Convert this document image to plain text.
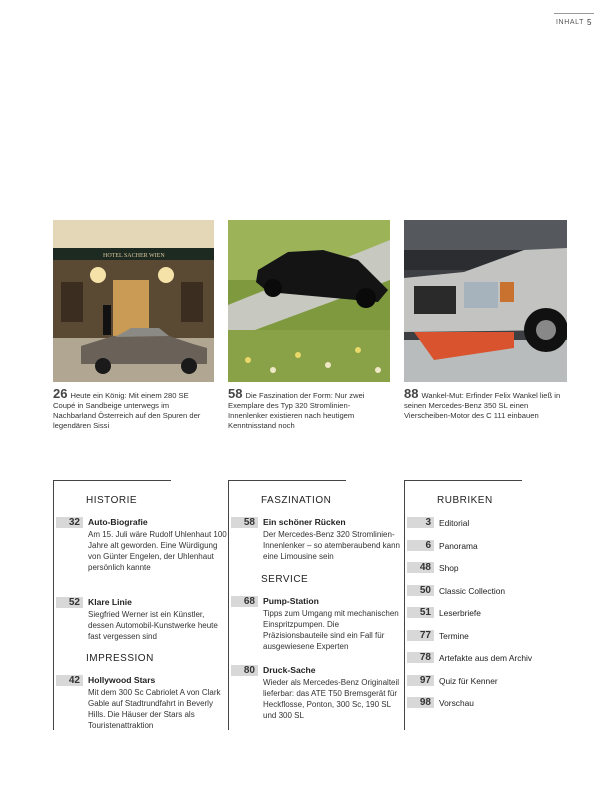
INHALT 5
HOTEL SACHER WIEN
26 Heute ein König: Mit einem 280 SE Coupé in Sandbeige unterwegs im Nachbarland Österreich auf den Spuren der legendären Sissi
58 Die Faszination der Form: Nur zwei Exemplare des Typ 320 Stromlinien-Innenlenker existieren nach heutigem Kenntnisstand noch
88 Wankel-Mut: Erfinder Felix Wankel ließ in seinen Mercedes-Benz 350 SL einen Vierscheiben-Motor des C 111 einbauen
HISTORIE
32 Auto-Biografie
Am 15. Juli wäre Rudolf Uhlenhaut 100 Jahre alt geworden. Eine Würdigung von Günter Engelen, der Uhlenhaut persönlich kannte
52 Klare Linie
Siegfried Werner ist ein Künstler, dessen Automobil-Kunstwerke heute fast vergessen sind
IMPRESSION
42 Hollywood Stars
Mit dem 300 Sc Cabriolet A von Clark Gable auf Stadtrundfahrt in Beverly Hills. Die Häuser der Stars als Touristenattraktion
FASZINATION
58 Ein schöner Rücken
Der Mercedes-Benz 320 Stromlinien-Innenlenker – so atemberaubend kann eine Limousine sein
SERVICE
68 Pump-Station
Tipps zum Umgang mit mechanischen Einspritzpumpen. Die Präzisionsbauteile sind ein Fall für ausgewiesene Experten
80 Druck-Sache
Wieder als Mercedes-Benz Originalteil lieferbar: das ATE T50 Bremsgerät für Heckflosse, Ponton, 300 Sc, 190 SL und 300 SL
RUBRIKEN
3 Editorial
6 Panorama
48 Shop
50 Classic Collection
51 Leserbriefe
77 Termine
78 Artefakte aus dem Archiv
97 Quiz für Kenner
98 Vorschau
